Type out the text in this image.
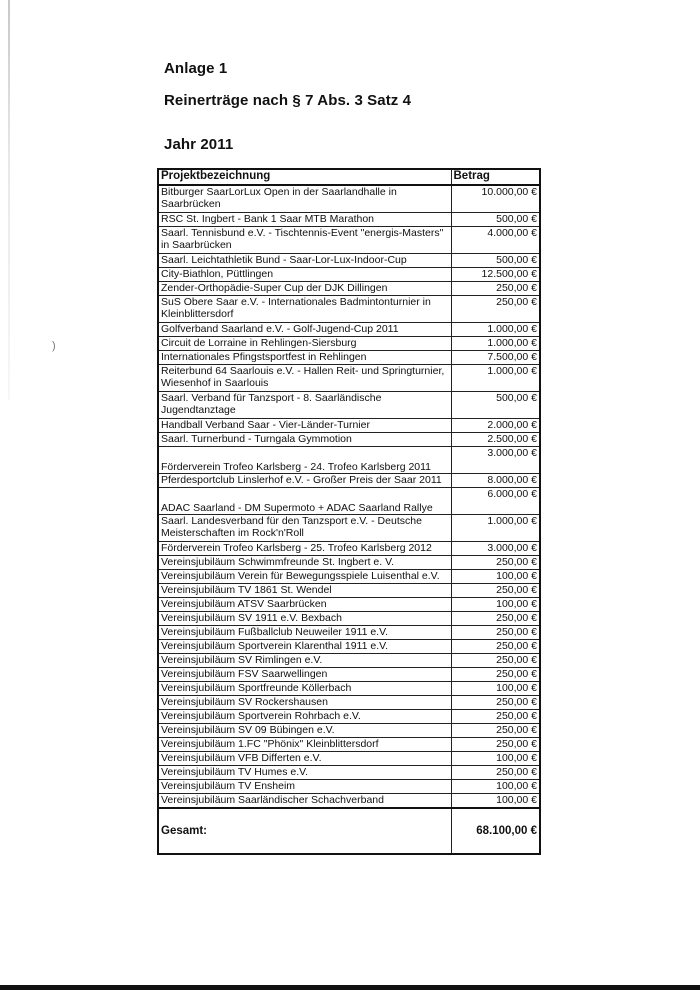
)
Anlage 1
Reinerträge nach § 7 Abs. 3 Satz 4
Jahr 2011
Projektbezeichnung	Betrag
Bitburger SaarLorLux Open in der Saarlandhalle in Saarbrücken	10.000,00 €
RSC St. Ingbert - Bank 1 Saar MTB Marathon	500,00 €
Saarl. Tennisbund e.V. - Tischtennis-Event "energis-Masters" in Saarbrücken	4.000,00 €
Saarl. Leichtathletik Bund - Saar-Lor-Lux-Indoor-Cup	500,00 €
City-Biathlon, Püttlingen	12.500,00 €
Zender-Orthopädie-Super Cup der DJK Dillingen	250,00 €
SuS Obere Saar e.V. - Internationales Badmintonturnier in Kleinblittersdorf	250,00 €
Golfverband Saarland e.V. - Golf-Jugend-Cup 2011	1.000,00 €
Circuit de Lorraine in Rehlingen-Siersburg	1.000,00 €
Internationales Pfingstsportfest in Rehlingen	7.500,00 €
Reiterbund 64 Saarlouis e.V. - Hallen Reit- und Springturnier, Wiesenhof in Saarlouis	1.000,00 €
Saarl. Verband für Tanzsport - 8. Saarländische Jugendtanztage	500,00 €
Handball Verband Saar - Vier-Länder-Turnier	2.000,00 €
Saarl. Turnerbund - Turngala Gymmotion	2.500,00 €
Förderverein Trofeo Karlsberg - 24. Trofeo Karlsberg 2011	3.000,00 €
Pferdesportclub Linslerhof e.V. - Großer Preis der Saar 2011	8.000,00 €
ADAC Saarland - DM Supermoto + ADAC Saarland Rallye	6.000,00 €
Saarl. Landesverband für den Tanzsport e.V. - Deutsche Meisterschaften im Rock'n'Roll	1.000,00 €
Förderverein Trofeo Karlsberg - 25. Trofeo Karlsberg 2012	3.000,00 €
Vereinsjubiläum Schwimmfreunde St. Ingbert e. V.	250,00 €
Vereinsjubiläum Verein für Bewegungsspiele Luisenthal e.V.	100,00 €
Vereinsjubiläum TV 1861 St. Wendel	250,00 €
Vereinsjubiläum ATSV Saarbrücken	100,00 €
Vereinsjubiläum SV 1911 e.V. Bexbach	250,00 €
Vereinsjubiläum Fußballclub Neuweiler 1911 e.V.	250,00 €
Vereinsjubiläum Sportverein Klarenthal 1911 e.V.	250,00 €
Vereinsjubiläum SV Rimlingen e.V.	250,00 €
Vereinsjubiläum FSV Saarwellingen	250,00 €
Vereinsjubiläum Sportfreunde Köllerbach	100,00 €
Vereinsjubiläum SV Rockershausen	250,00 €
Vereinsjubiläum Sportverein Rohrbach e.V.	250,00 €
Vereinsjubiläum SV 09 Bübingen e.V.	250,00 €
Vereinsjubiläum 1.FC "Phönix" Kleinblittersdorf	250,00 €
Vereinsjubiläum VFB Differten e.V.	100,00 €
Vereinsjubiläum TV Humes e.V.	250,00 €
Vereinsjubiläum TV Ensheim	100,00 €
Vereinsjubiläum Saarländischer Schachverband	100,00 €
Gesamt:	68.100,00 €
